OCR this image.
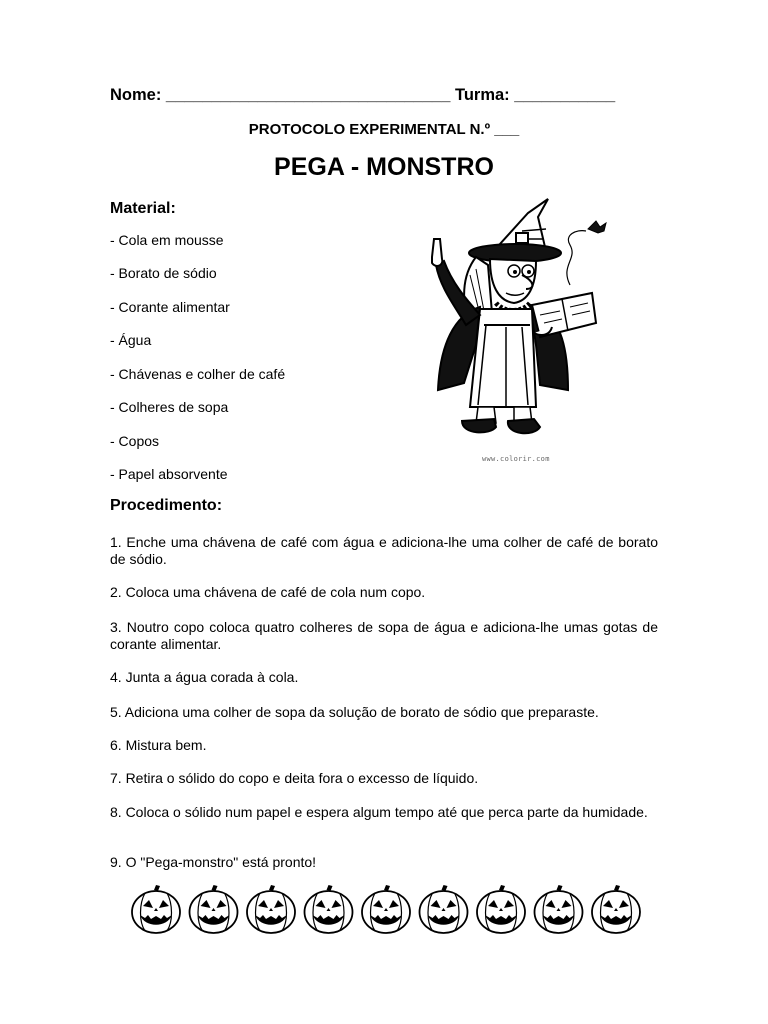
Nome: _______________________________ Turma: ___________
PROTOCOLO EXPERIMENTAL N.º ___
PEGA - MONSTRO
Material:
- Cola em mousse
- Borato de sódio
- Corante alimentar
- Água
- Chávenas e colher de café
- Colheres de sopa
- Copos
- Papel absorvente
www.colorir.com
Procedimento:
1. Enche uma chávena de café com água e adiciona-lhe uma colher de café de borato de sódio.
2. Coloca uma chávena de café de cola num copo.
3. Noutro copo coloca quatro colheres de sopa de água e adiciona-lhe umas gotas de corante alimentar.
4. Junta a água corada à cola.
5. Adiciona uma colher de sopa da solução de borato de sódio que preparaste.
6. Mistura bem.
7. Retira o sólido do copo e deita fora o excesso de líquido.
8. Coloca o sólido num papel e espera algum tempo até que perca parte da humidade.
9. O "Pega-monstro" está pronto!
